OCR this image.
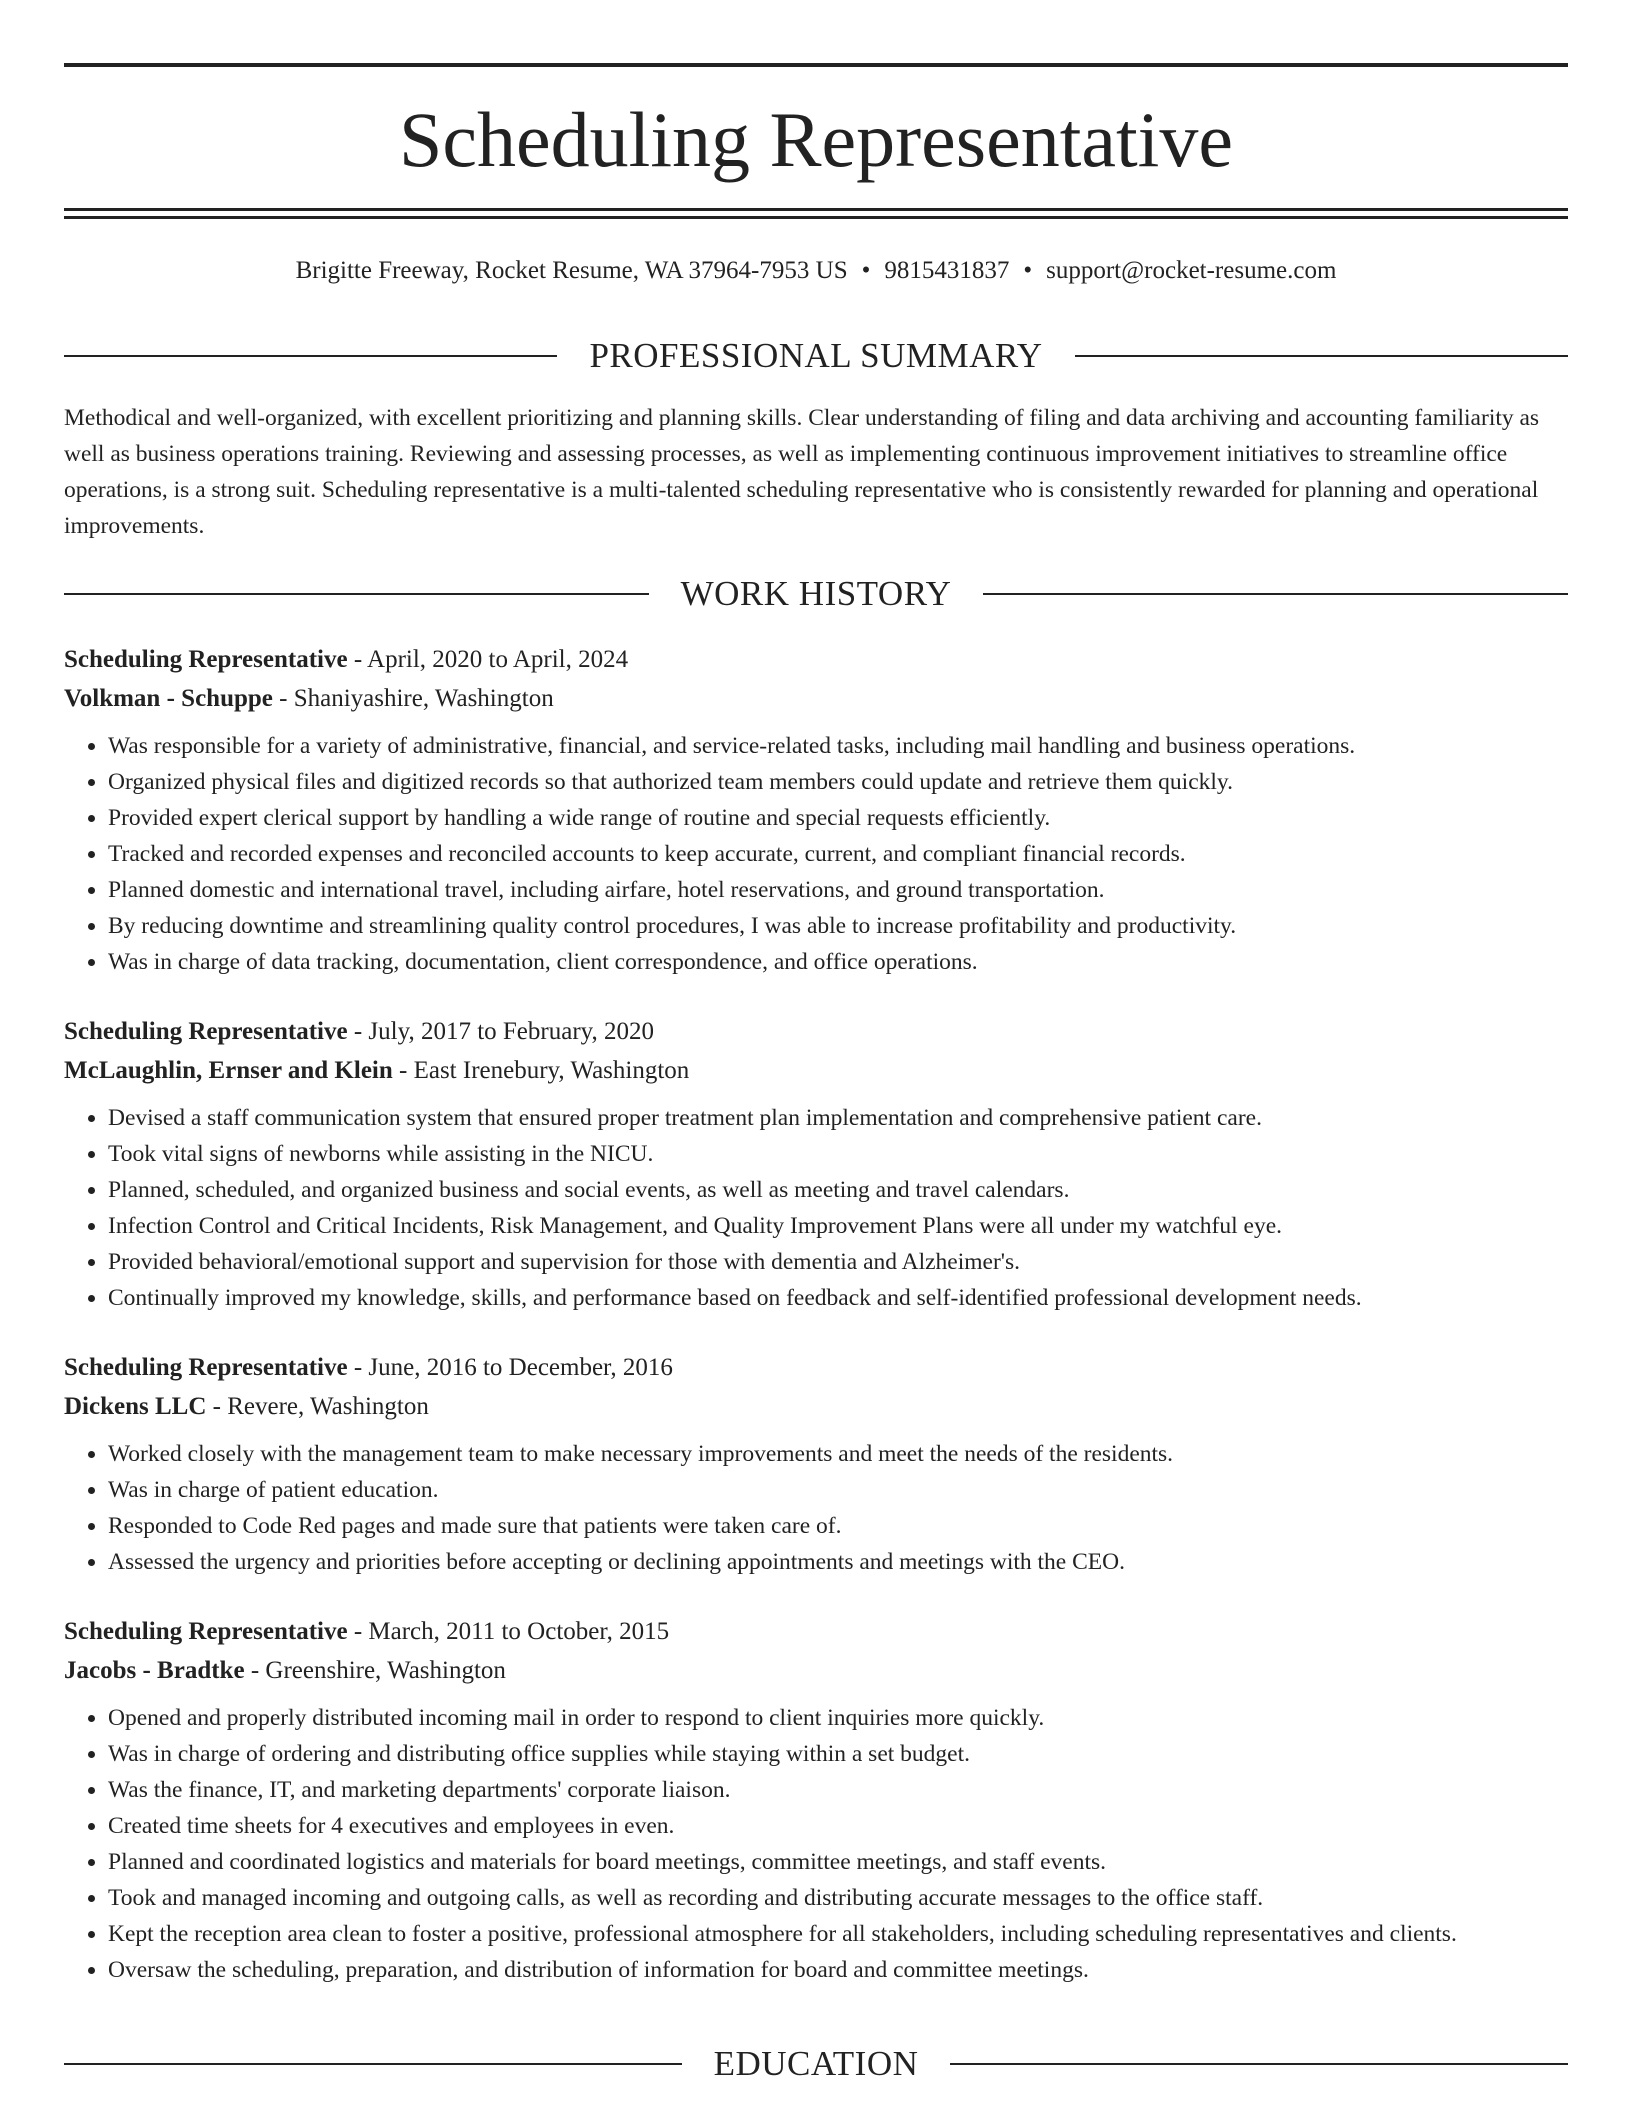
Scheduling Representative
Brigitte Freeway, Rocket Resume, WA 37964-7953 US • 9815431837 • support@rocket-resume.com
PROFESSIONAL SUMMARY

Methodical and well-organized, with excellent prioritizing and planning skills. Clear understanding of filing and data archiving and accounting familiarity as well as business operations training. Reviewing and assessing processes, as well as implementing continuous improvement initiatives to streamline office operations, is a strong suit. Scheduling representative is a multi-talented scheduling representative who is consistently rewarded for planning and operational improvements.

WORK HISTORY
Scheduling Representative - April, 2020 to April, 2024
Volkman - Schuppe - Shaniyashire, Washington
• Was responsible for a variety of administrative, financial, and service-related tasks, including mail handling and business operations.
• Organized physical files and digitized records so that authorized team members could update and retrieve them quickly.
• Provided expert clerical support by handling a wide range of routine and special requests efficiently.
• Tracked and recorded expenses and reconciled accounts to keep accurate, current, and compliant financial records.
• Planned domestic and international travel, including airfare, hotel reservations, and ground transportation.
• By reducing downtime and streamlining quality control procedures, I was able to increase profitability and productivity.
• Was in charge of data tracking, documentation, client correspondence, and office operations.
Scheduling Representative - July, 2017 to February, 2020
McLaughlin, Ernser and Klein - East Irenebury, Washington
• Devised a staff communication system that ensured proper treatment plan implementation and comprehensive patient care.
• Took vital signs of newborns while assisting in the NICU.
• Planned, scheduled, and organized business and social events, as well as meeting and travel calendars.
• Infection Control and Critical Incidents, Risk Management, and Quality Improvement Plans were all under my watchful eye.
• Provided behavioral/emotional support and supervision for those with dementia and Alzheimer's.
• Continually improved my knowledge, skills, and performance based on feedback and self-identified professional development needs.
Scheduling Representative - June, 2016 to December, 2016
Dickens LLC - Revere, Washington
• Worked closely with the management team to make necessary improvements and meet the needs of the residents.
• Was in charge of patient education.
• Responded to Code Red pages and made sure that patients were taken care of.
• Assessed the urgency and priorities before accepting or declining appointments and meetings with the CEO.
Scheduling Representative - March, 2011 to October, 2015
Jacobs - Bradtke - Greenshire, Washington
• Opened and properly distributed incoming mail in order to respond to client inquiries more quickly.
• Was in charge of ordering and distributing office supplies while staying within a set budget.
• Was the finance, IT, and marketing departments' corporate liaison.
• Created time sheets for 4 executives and employees in even.
• Planned and coordinated logistics and materials for board meetings, committee meetings, and staff events.
• Took and managed incoming and outgoing calls, as well as recording and distributing accurate messages to the office staff.
• Kept the reception area clean to foster a positive, professional atmosphere for all stakeholders, including scheduling representatives and clients.
• Oversaw the scheduling, preparation, and distribution of information for board and committee meetings.
EDUCATION
